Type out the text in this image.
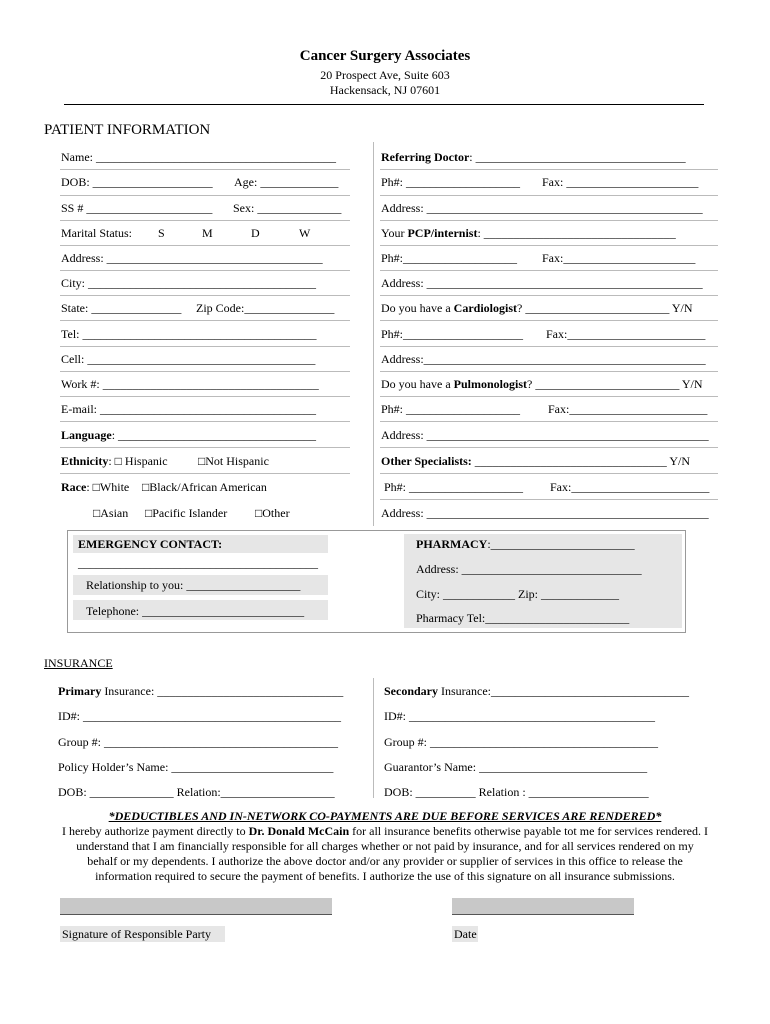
Cancer Surgery Associates
20 Prospect Ave, Suite 603
Hackensack, NJ 07601
PATIENT INFORMATION
Name: ________________________________________
DOB: ____________________ Age: _____________
SS # _____________________ Sex: ______________
Marital Status: S	M	D	W
Address: ____________________________________
City: ______________________________________
State: _______________ Zip Code:_______________
Tel: _______________________________________
Cell: ______________________________________
Work #: ____________________________________
E-mail: ____________________________________
Language: _________________________________
Ethnicity: □ Hispanic	□Not Hispanic
Race: □White □Black/African American
□Asian □Pacific Islander □Other
Referring Doctor: ___________________________________
Ph#: ___________________ Fax: ______________________
Address: ______________________________________________
Your PCP/internist: ________________________________
Ph#:___________________ Fax:______________________
Address: ______________________________________________
Do you have a Cardiologist? ________________________ Y/N
Ph#:____________________ Fax:_______________________
Address:_______________________________________________
Do you have a Pulmonologist? ________________________ Y/N
Ph#: ___________________ Fax:_______________________
Address: _______________________________________________
Other Specialists: ________________________________ Y/N
Ph#: ___________________ Fax:_______________________
Address: _______________________________________________
EMERGENCY CONTACT:
________________________________________
Relationship to you: ___________________
Telephone: ___________________________
PHARMACY:________________________
Address: ______________________________
City: ____________ Zip: _____________
Pharmacy Tel:________________________
INSURANCE
Primary Insurance: _______________________________
ID#: ___________________________________________
Group #: _______________________________________
Policy Holder’s Name: ___________________________
DOB: ______________ Relation:___________________
Secondary Insurance:_________________________________
ID#: _________________________________________
Group #: ______________________________________
Guarantor’s Name: ____________________________
DOB: __________ Relation : ____________________
*DEDUCTIBLES AND IN-NETWORK CO-PAYMENTS ARE DUE BEFORE SERVICES ARE RENDERED*
I hereby authorize payment directly to Dr. Donald McCain for all insurance benefits otherwise payable tot me for services rendered. I
understand that I am financially responsible for all charges whether or not paid by insurance, and for all services rendered on my
behalf or my dependents. I authorize the above doctor and/or any provider or supplier of services in this office to release the
information required to secure the payment of benefits. I authorize the use of this signature on all insurance submissions.
Signature of Responsible Party	Date
